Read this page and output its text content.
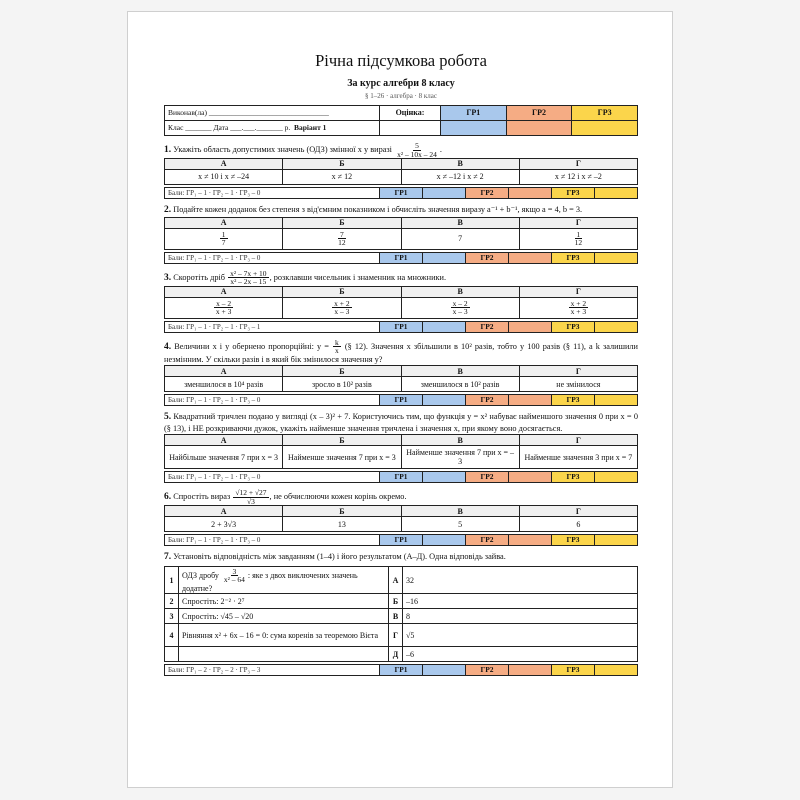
Річна підсумкова робота
За курс алгебри 8 класу
§ 1–26 · алгебра · 8 клас
Виконав(ла) ________________________________	Оцінка:	ГР1	ГР2	ГР3
Клас _______ Дата ___.___._______ р. Варіант 1				
1. Укажіть область допустимих значень (ОДЗ) змінної x у виразі $\frac{5}{\text{x² – 10x – 24}}$ .
А	Б	В	Г
x ≠ 10 і x ≠ –24	x ≠ 12	x ≠ –12 і x ≠ 2	x ≠ 12 і x ≠ –2
Бали: ГР₁ – 1 · ГР₂ – 1 · ГР₃ – 0	ГР1		ГР2		ГР3	
2. Подайте кожен доданок без степеня з від'ємним показником і обчисліть значення виразу a⁻¹ + b⁻¹, якщо a = 4, b = 3.
А	Б	В	Г

$\frac{1}{7}$	$\frac{7}{12}$	7	$\frac{1}{12}$
Бали: ГР₁ – 1 · ГР₂ – 1 · ГР₃ – 0	ГР1		ГР2		ГР3	
3. Скоротіть дріб $\frac{\text{x² – 7x + 10}}{\text{x² – 2x – 15}}$ , розклавши чисельник і знаменник на множники.
А	Б	В	Г

$\frac{x - 2}{x + 3}$	$\frac{x + 2}{x - 3}$	$\frac{x - 2}{x - 3}$	$\frac{x + 2}{x + 3}$
Бали: ГР₁ – 1 · ГР₂ – 1 · ГР₃ – 1	ГР1		ГР2		ГР3	
4. Величини x і y обернено пропорційні: $y = \frac{k}{x}$ (§ 12). Значення x збільшили в 10² разів, тобто у 100 разів (§ 11), а k залишили незмінним. У скільки разів і в який бік змінилося значення y?
А	Б	В	Г
зменшилося в 10⁴ разів	зросло в 10² разів	зменшилося в 10² разів	не змінилося
Бали: ГР₁ – 1 · ГР₂ – 1 · ГР₃ – 0	ГР1		ГР2		ГР3	
5. Квадратний тричлен подано у вигляді (x – 3)² + 7. Користуючись тим, що функція y = x² набуває найменшого значення 0 при x = 0 (§ 13), і НЕ розкриваючи дужок, укажіть найменше значення тричлена і значення x, при якому воно досягається.
А	Б	В	Г
Найбільше значення 7 при x = 3	Найменше значення 7 при x = 3	Найменше значення 7 при x = –3	Найменше значення 3 при x = 7
Бали: ГР₁ – 1 · ГР₂ – 1 · ГР₃ – 0	ГР1		ГР2		ГР3	
6. Спростіть вираз $\frac{√12 + √27}{√3}$ , не обчислюючи кожен корінь окремо.
А	Б	В	Г
2 + 3√3	13	5	6
Бали: ГР₁ – 1 · ГР₂ – 1 · ГР₃ – 0	ГР1		ГР2		ГР3	
7. Установіть відповідність між завданням (1–4) і його результатом (А–Д). Одна відповідь зайва.
1	ОДЗ дробу $\frac{3}{\text{x² – 64}}$ : яке з двох виключених значень додатне?	А	32
2	Спростіть: 2⁻² · 2⁷	Б	–16
3	Спростіть: √45 – √20	В	8
4	Рівняння x² + 6x – 16 = 0: сума коренів за теоремою Вієта	Г	√5
		Д	–6
Бали: ГР₁ – 2 · ГР₂ – 2 · ГР₃ – 3	ГР1		ГР2		ГР3	
